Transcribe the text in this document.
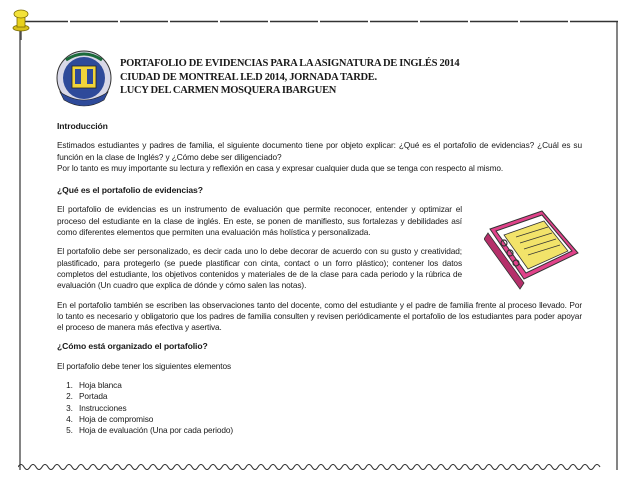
PORTAFOLIO DE EVIDENCIAS PARA LA ASIGNATURA DE INGLÉS 2014
CIUDAD DE MONTREAL I.E.D 2014, JORNADA TARDE.
LUCY DEL CARMEN MOSQUERA IBARGUEN

Introducción

Estimados estudiantes y padres de familia, el siguiente documento tiene por objeto explicar: ¿Qué es el portafolio de evidencias? ¿Cuál es su función en la clase de Inglés? y ¿Cómo debe ser diligenciado?

Por lo tanto es muy importante su lectura y reflexión en casa y expresar cualquier duda que se tenga con respecto al mismo.

¿Qué es el portafolio de evidencias?

El portafolio de evidencias es un instrumento de evaluación que permite reconocer, entender y optimizar el proceso del estudiante en la clase de inglés. En este, se ponen de manifiesto, sus fortalezas y debilidades así como diferentes elementos que permiten una evaluación más holística y personalizada.

El portafolio debe ser personalizado, es decir cada uno lo debe decorar de acuerdo con su gusto y creatividad; plastificado, para protegerlo (se puede plastificar con cinta, contact o un forro plástico); contener los datos completos del estudiante, los objetivos contenidos y materiales de de la clase para cada periodo y la rúbrica de evaluación (Un cuadro que explica de dónde y cómo salen las notas).

En el portafolio también se escriben las observaciones tanto del docente, como del estudiante y el padre de familia frente al proceso llevado. Por lo tanto es necesario y obligatorio que los padres de familia consulten y revisen periódicamente el portafolio de los estudiantes para poder apoyar el proceso de manera más efectiva y asertiva.

¿Cómo está organizado el portafolio?

El portafolio debe tener los siguientes elementos

1. Hoja blanca
2. Portada
3. Instrucciones
4. Hoja de compromiso
5. Hoja de evaluación (Una por cada periodo)
